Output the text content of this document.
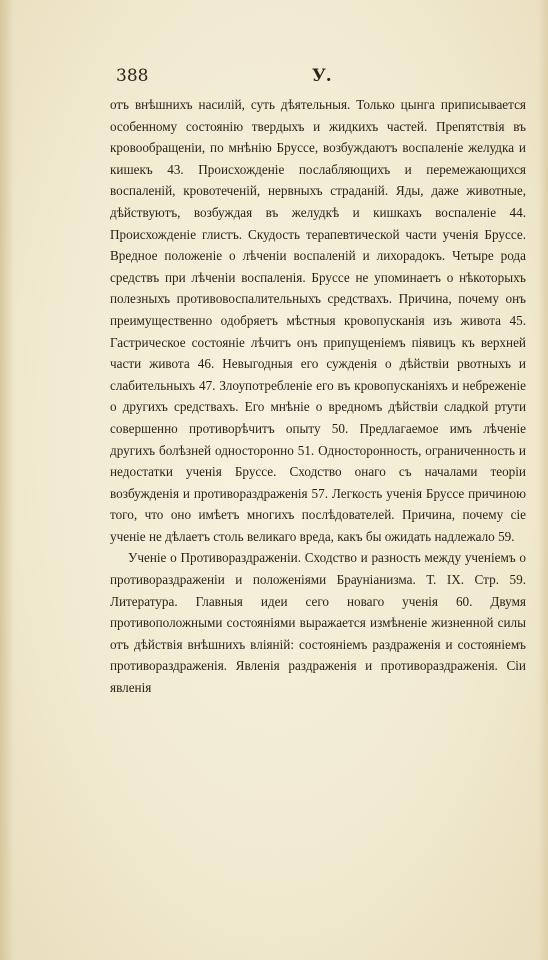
388	У.

отъ внѣшнихъ насилій, суть дѣятельныя. Только цынга приписывается особенному состоянію твердыхъ и жидкихъ частей. Препятствія въ кровообращеніи, по мнѣнію Бруссе, возбуждаютъ воспаленіе желудка и кишекъ 43. Происхожденіе послабляющихъ и перемежающихся воспаленій, кровотеченій, нервныхъ страданій. Яды, даже животные, дѣйствуютъ, возбуждая въ желудкѣ и кишкахъ воспаленіе 44. Происхожденіе глистъ. Скудость терапевтической части ученія Бруссе. Вредное положеніе о лѣченіи воспаленій и лихорадокъ. Четыре рода средствъ при лѣченіи воспаленія. Бруссе не упоминаетъ о нѣкоторыхъ полезныхъ противовоспалительныхъ средствахъ. Причина, почему онъ преимущественно одобряетъ мѣстныя кровопусканія изъ живота 45. Гастрическое состояніе лѣчитъ онъ припущеніемъ піявицъ къ верхней части живота 46. Невыгодныя его сужденія о дѣйствіи рвотныхъ и слабительныхъ 47. Злоупотребленіе его въ кровопусканіяхъ и небреженіе о другихъ средствахъ. Его мнѣніе о вредномъ дѣйствіи сладкой ртути совершенно противорѣчитъ опыту 50. Предлагаемое имъ лѣченіе другихъ болѣзней односторонно 51. Односторонность, ограниченность и недостатки ученія Бруссе. Сходство онаго съ началами теоріи возбужденія и противораздраженія 57. Легкость ученія Бруссе причиною того, что оно имѣетъ многихъ послѣдователей. Причина, почему сіе ученіе не дѣлаетъ столь великаго вреда, какъ бы ожидать надлежало 59.

Ученіе о Противораздраженіи. Сходство и разность между ученіемъ о противораздраженіи и положеніями Брауніанизма. Т. IX. Стр. 59. Литература. Главныя идеи сего новаго ученія 60. Двумя противоположными состояніями выражается измѣненіе жизненной силы отъ дѣйствія внѣшнихъ вліяній: состояніемъ раздраженія и состояніемъ противораздраженія. Явленія раздраженія и противораздраженія. Сіи явленія
